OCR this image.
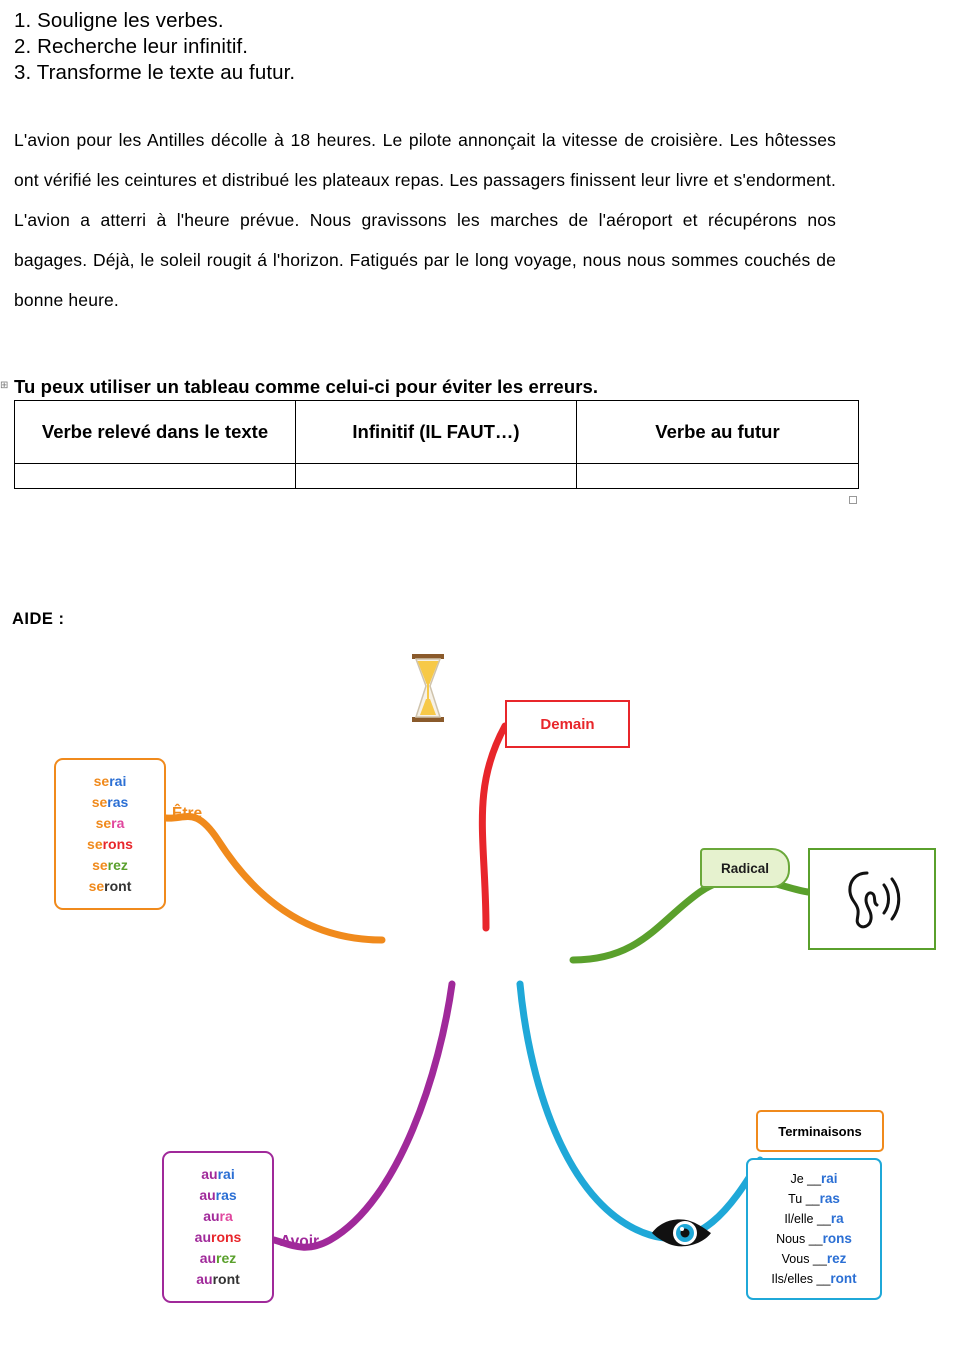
1. Souligne les verbes.
2. Recherche leur infinitif.
3. Transforme le texte au futur.
L'avion pour les Antilles décolle à 18 heures. Le pilote annonçait la vitesse de croisière. Les hôtesses ont vérifié les ceintures et distribué les plateaux repas. Les passagers finissent leur livre et s'endorment. L'avion a atterri à l'heure prévue. Nous gravissons les marches de l'aéroport et récupérons nos bagages. Déjà, le soleil rougit á l'horizon. Fatigués par le long voyage, nous nous sommes couchés de bonne heure.
⊞ Tu peux utiliser un tableau comme celui-ci pour éviter les erreurs.
Verbe relevé dans le texte	Infinitif (IL FAUT…)	Verbe au futur

AIDE :
Demain
serai
seras
sera
serons
serez
seront
Être
aurai
auras
aura
aurons
aurez
auront
Avoir
Radical
Terminaisons
Je __rai
Tu __ras
Il/elle __ra
Nous __rons
Vous __rez
Ils/elles __ront
